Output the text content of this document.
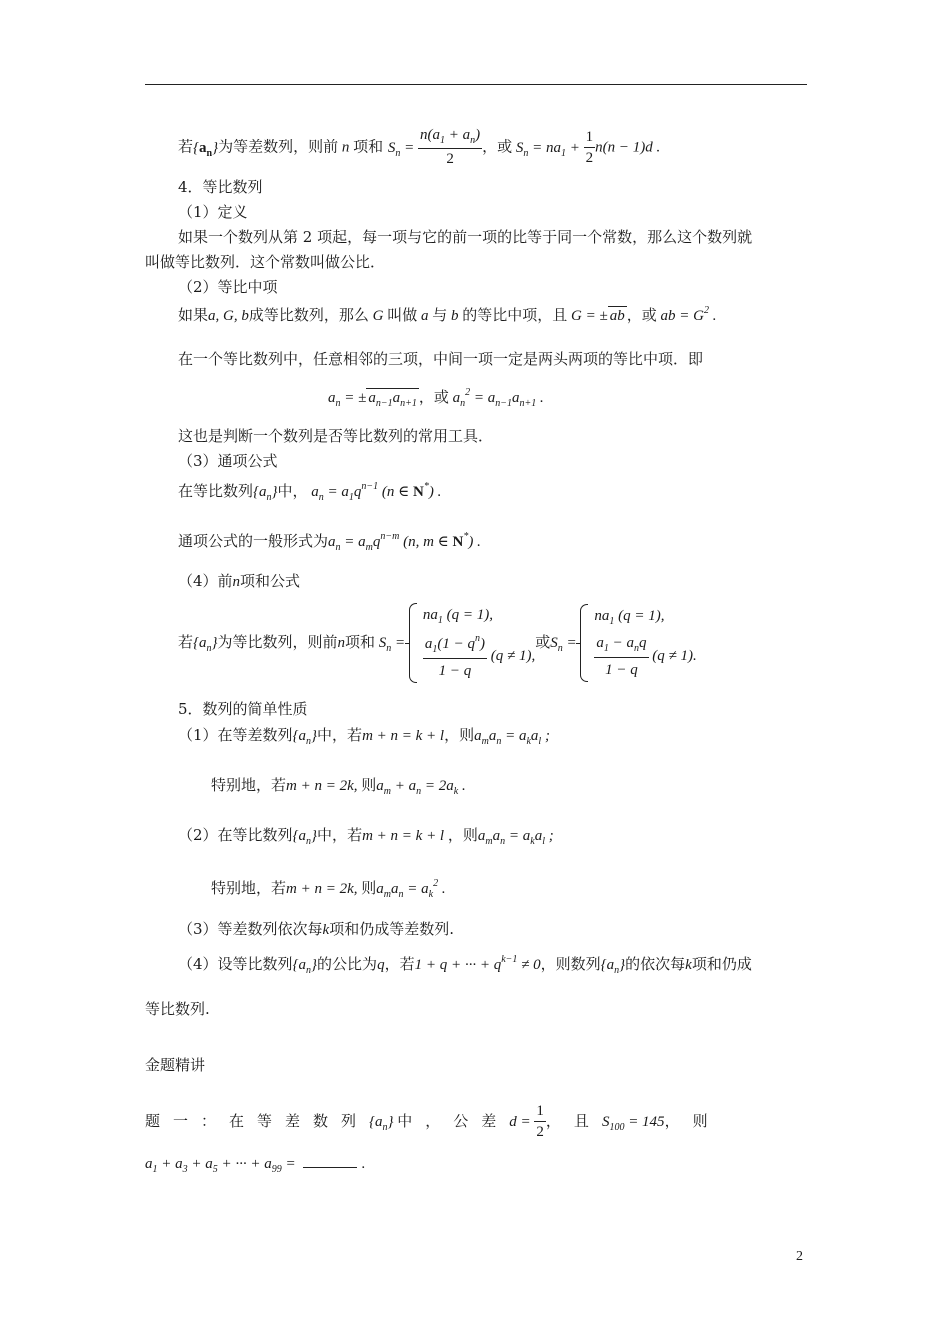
若$\{a_n\}$为等差数列，则前 n 项和 $S_n = \frac{n(a_1 + a_n)}{2}$ ，或 $S_n = na_1 + \frac{1}{2} n(n - 1)d$ .
4．等比数列
（1）定义
如果一个数列从第 2 项起，每一项与它的前一项的比等于同一个常数，那么这个数列就
叫做等比数列．这个常数叫做公比．
（2）等比中项
如果a, G, b成等比数列，那么 G 叫做 a 与 b 的等比中项，且 G = ± ab ，或 ab = $G^2$ .
在一个等比数列中，任意相邻的三项，中间一项一定是两头两项的等比中项．即
$a_n$ = ± $a_{n-1}a_{n+1}$ ，或 $a_n^2 = a_{n-1}a_{n+1}$ .
这也是判断一个数列是否等比数列的常用工具．
（3）通项公式
在等比数列$\{a_n\}$中， $a_n = a_1q^{n-1}$ (n ∈ N*) .
通项公式的一般形式为$a_n = a_mq^{n-m}$ (n, m ∈ N*) .
（4）前n项和公式
若$\{a_n\}$为等比数列，则前n项和 $S_n$ =
$na_1$ (q = 1),
$\frac{a_1(1 - q^n)}{1 - q} (q \ne 1)$,
或$S_n$ =
$na_1$ (q = 1),
$\frac{a_1 - a_nq}{1 - q} (q \ne 1)$.
5．数列的简单性质
（1）在等差数列$\{a_n\}$中，若m + n = k + l，则$a_ma_n = a_ka_l$ ;
特别地，若m + n = 2k, 则$a_m + a_n = 2a_k$ .
（2）在等比数列$\{a_n\}$中，若m + n = k + l ，则$a_ma_n = a_ka_l$ ;
特别地，若m + n = 2k, 则$a_ma_n = a_k^2$ .
（3）等差数列依次每k项和仍成等差数列.
（4）设等比数列$\{a_n\}$的公比为q，若1 + q + ··· + $q^{k-1} \ne 0$，则数列$\{a_n\}$的依次每k项和仍成
等比数列.
金题精讲
题一：在等差数列$\{a_n\}$ 中，公差$d = \frac{1}{2}$ ，且$S_{100} = 145$，则
$a_1 + a_3 + a_5$ + ··· + $a_{99}$ =	.
2
